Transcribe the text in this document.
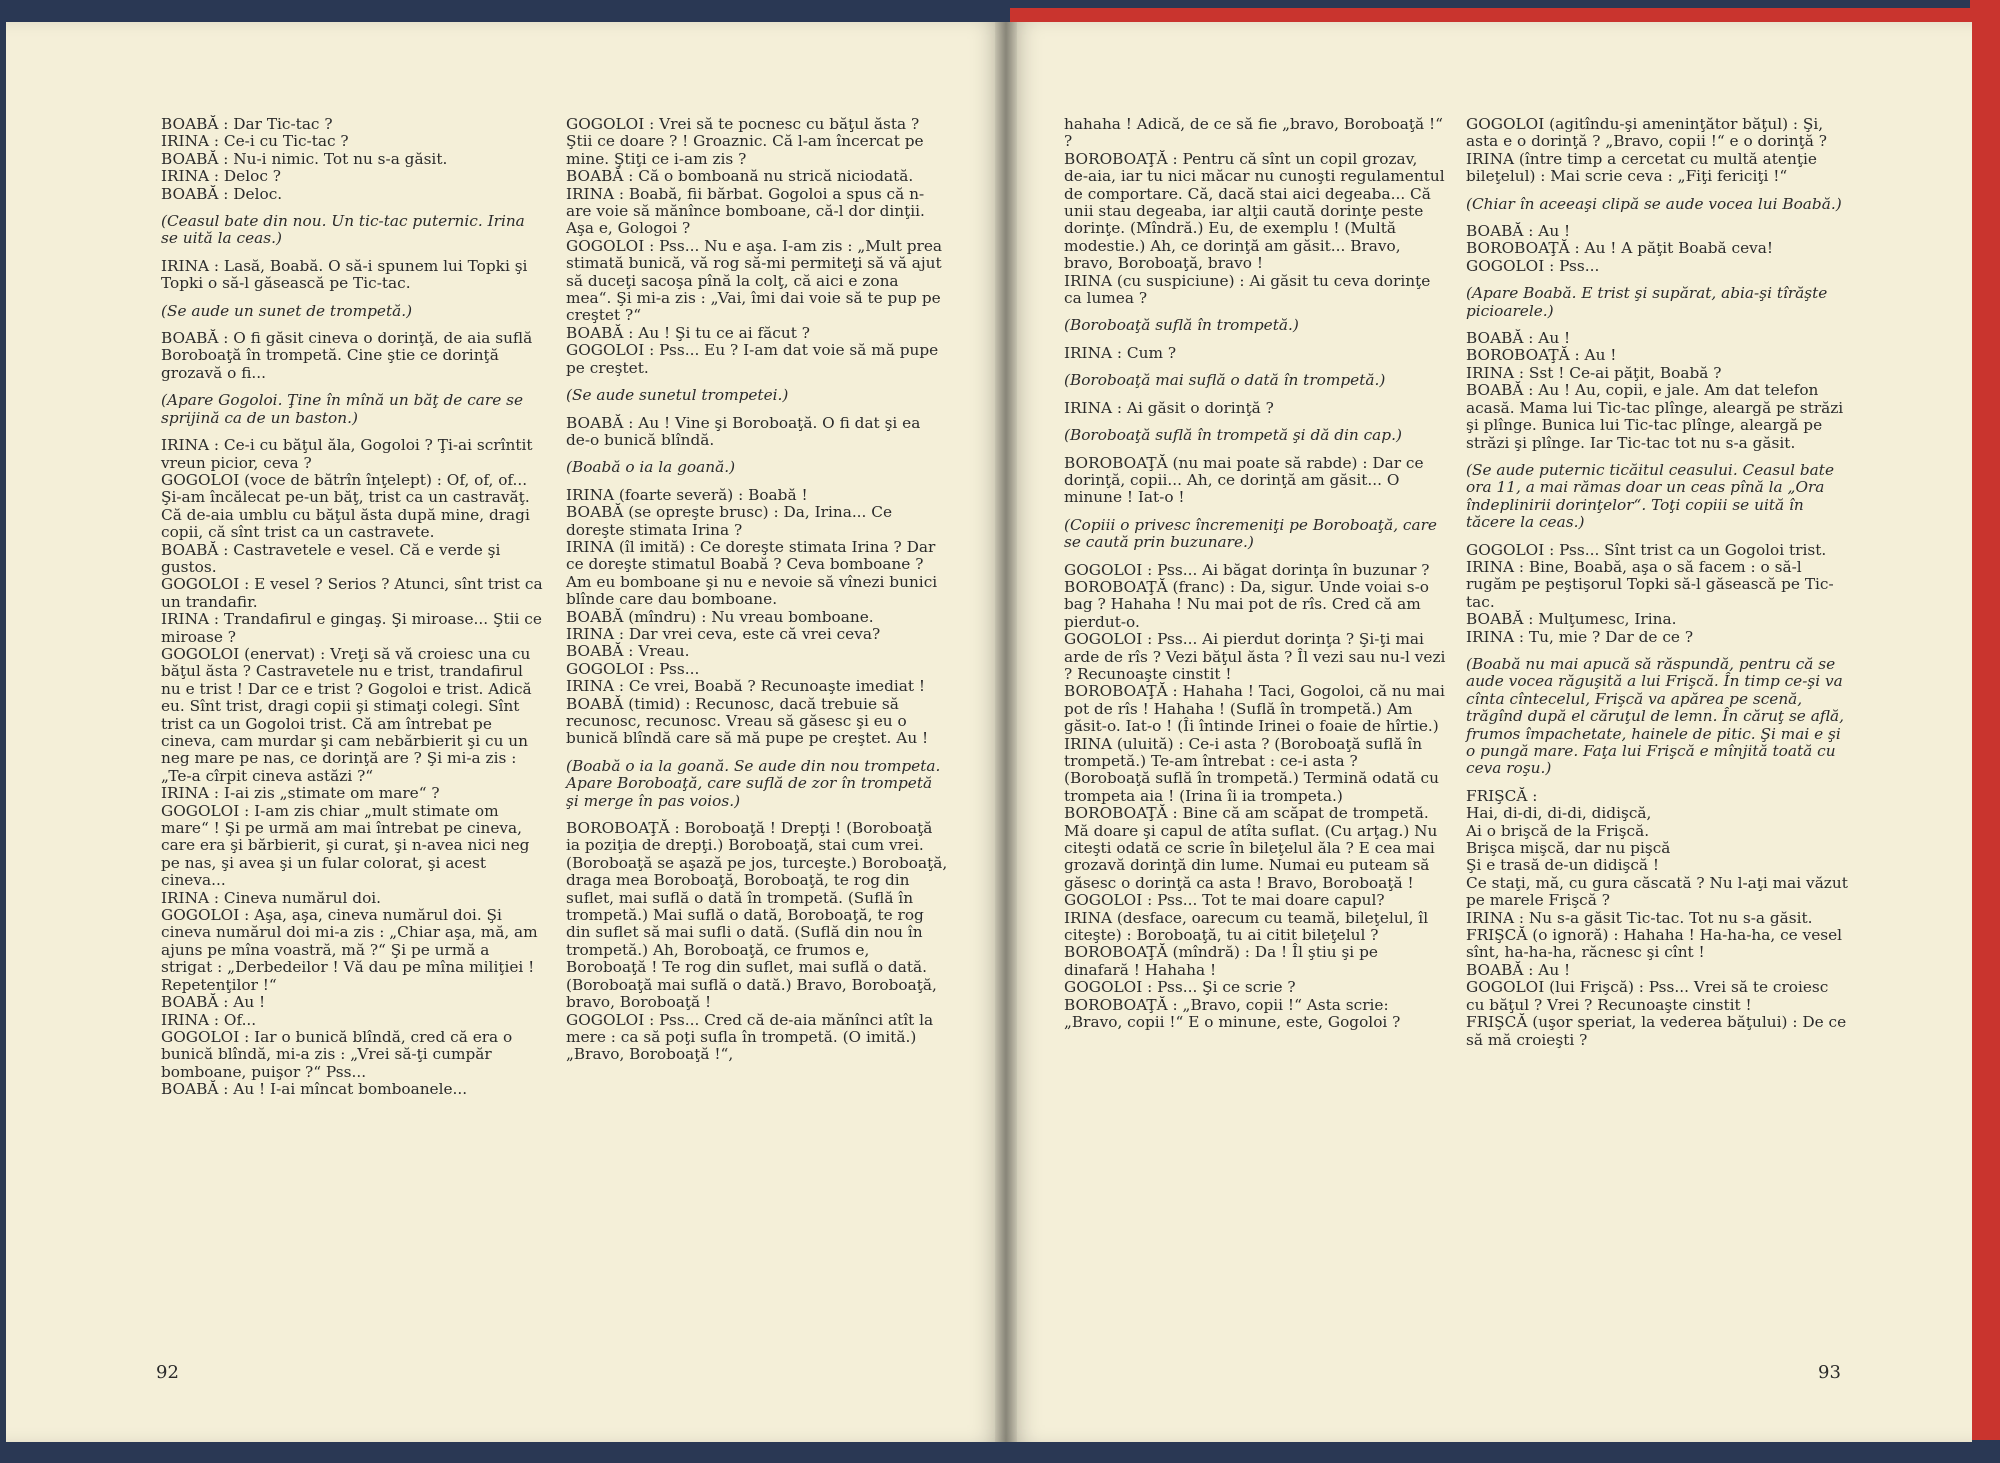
BOABĂ : Dar Tic-tac ?

IRINA : Ce-i cu Tic-tac ?

BOABĂ : Nu-i nimic. Tot nu s-a găsit.

IRINA : Deloc ?

BOABĂ : Deloc.

(Ceasul bate din nou. Un tic-tac puternic. Irina se uită la ceas.)

IRINA : Lasă, Boabă. O să-i spunem lui Topki şi Topki o să-l găsească pe Tic-tac.

(Se aude un sunet de trompetă.)

BOABĂ : O fi găsit cineva o dorinţă, de aia suflă Boroboaţă în trompetă. Cine ştie ce dorinţă grozavă o fi...

(Apare Gogoloi. Ţine în mînă un băţ de care se sprijină ca de un baston.)

IRINA : Ce-i cu băţul ăla, Gogoloi ? Ţi-ai scrîntit vreun picior, ceva ?

GOGOLOI (voce de bătrîn înţelept) : Of, of, of... Şi-am încălecat pe-un băţ, trist ca un castravăţ. Că de-aia umblu cu băţul ăsta după mine, dragi copii, că sînt trist ca un castravete.

BOABĂ : Castravetele e vesel. Că e verde şi gustos.

GOGOLOI : E vesel ? Serios ? Atunci, sînt trist ca un trandafir.

IRINA : Trandafirul e gingaş. Şi miroase... Ştii ce miroase ?

GOGOLOI (enervat) : Vreţi să vă croiesc una cu băţul ăsta ? Castravetele nu e trist, trandafirul nu e trist ! Dar ce e trist ? Gogoloi e trist. Adică eu. Sînt trist, dragi copii şi stimaţi colegi. Sînt trist ca un Gogoloi trist. Că am întrebat pe cineva, cam murdar şi cam nebărbierit şi cu un neg mare pe nas, ce dorinţă are ? Şi mi-a zis : „Te-a cîrpit cineva astăzi ?“

IRINA : I-ai zis „stimate om mare“ ?

GOGOLOI : I-am zis chiar „mult stimate om mare“ ! Şi pe urmă am mai întrebat pe cineva, care era şi bărbierit, şi curat, şi n-avea nici neg pe nas, şi avea şi un fular colorat, şi acest cineva...

IRINA : Cineva numărul doi.

GOGOLOI : Aşa, aşa, cineva numărul doi. Şi cineva numărul doi mi-a zis : „Chiar aşa, mă, am ajuns pe mîna voastră, mă ?“ Şi pe urmă a strigat : „Derbedeilor ! Vă dau pe mîna miliţiei ! Repetenţilor !“

BOABĂ : Au !

IRINA : Of...

GOGOLOI : Iar o bunică blîndă, cred că era o bunică blîndă, mi-a zis : „Vrei să-ţi cumpăr bomboane, puişor ?“ Pss...

BOABĂ : Au ! I-ai mîncat bomboanele...

GOGOLOI : Vrei să te pocnesc cu băţul ăsta ? Ştii ce doare ? ! Groaznic. Că l-am încercat pe mine. Ştiţi ce i-am zis ?

BOABĂ : Că o bomboană nu strică niciodată.

IRINA : Boabă, fii bărbat. Gogoloi a spus că n-are voie să mănînce bomboane, că-l dor dinţii. Aşa e, Gologoi ?

GOGOLOI : Pss... Nu e aşa. I-am zis : „Mult prea stimată bunică, vă rog să-mi permiteţi să vă ajut să duceţi sacoşa pînă la colţ, că aici e zona mea“. Şi mi-a zis : „Vai, îmi dai voie să te pup pe creştet ?“

BOABĂ : Au ! Şi tu ce ai făcut ?

GOGOLOI : Pss... Eu ? I-am dat voie să mă pupe pe creştet.

(Se aude sunetul trompetei.)

BOABĂ : Au ! Vine şi Boroboaţă. O fi dat şi ea de-o bunică blîndă.

(Boabă o ia la goană.)

IRINA (foarte severă) : Boabă !

BOABĂ (se opreşte brusc) : Da, Irina... Ce doreşte stimata Irina ?

IRINA (îl imită) : Ce doreşte stimata Irina ? Dar ce doreşte stimatul Boabă ? Ceva bomboane ? Am eu bomboane şi nu e nevoie să vînezi bunici blînde care dau bomboane.

BOABĂ (mîndru) : Nu vreau bomboane.

IRINA : Dar vrei ceva, este că vrei ceva?

BOABĂ : Vreau.

GOGOLOI : Pss...

IRINA : Ce vrei, Boabă ? Recunoaşte imediat !

BOABĂ (timid) : Recunosc, dacă trebuie să recunosc, recunosc. Vreau să găsesc şi eu o bunică blîndă care să mă pupe pe creştet. Au !

(Boabă o ia la goană. Se aude din nou trompeta. Apare Boroboaţă, care suflă de zor în trompetă şi merge în pas voios.)

BOROBOAŢĂ : Boroboaţă ! Drepţi ! (Boroboaţă ia poziţia de drepţi.) Boroboaţă, stai cum vrei. (Boroboaţă se aşază pe jos, turceşte.) Boroboaţă, draga mea Boroboaţă, Boroboaţă, te rog din suflet, mai suflă o dată în trompetă. (Suflă în trompetă.) Mai suflă o dată, Boroboaţă, te rog din suflet să mai sufli o dată. (Suflă din nou în trompetă.) Ah, Boroboaţă, ce frumos e, Boroboaţă ! Te rog din suflet, mai suflă o dată. (Boroboaţă mai suflă o dată.) Bravo, Boroboaţă, bravo, Boroboaţă !

GOGOLOI : Pss... Cred că de-aia mănînci atît la mere : ca să poţi sufla în trompetă. (O imită.) „Bravo, Boroboaţă !“,

92

hahaha ! Adică, de ce să fie „bravo, Boroboaţă !“ ?

BOROBOAŢĂ : Pentru că sînt un copil grozav, de-aia, iar tu nici măcar nu cunoşti regulamentul de comportare. Că, dacă stai aici degeaba... Că unii stau degeaba, iar alţii caută dorinţe peste dorinţe. (Mîndră.) Eu, de exemplu ! (Multă modestie.) Ah, ce dorinţă am găsit... Bravo, bravo, Boroboaţă, bravo !

IRINA (cu suspiciune) : Ai găsit tu ceva dorinţe ca lumea ?

(Boroboaţă suflă în trompetă.)

IRINA : Cum ?

(Boroboaţă mai suflă o dată în trompetă.)

IRINA : Ai găsit o dorinţă ?

(Boroboaţă suflă în trompetă şi dă din cap.)

BOROBOAŢĂ (nu mai poate să rabde) : Dar ce dorinţă, copii... Ah, ce dorinţă am găsit... O minune ! Iat-o !

(Copiii o privesc încremeniţi pe Boroboaţă, care se caută prin buzunare.)

GOGOLOI : Pss... Ai băgat dorinţa în buzunar ?

BOROBOAŢĂ (franc) : Da, sigur. Unde voiai s-o bag ? Hahaha ! Nu mai pot de rîs. Cred că am pierdut-o.

GOGOLOI : Pss... Ai pierdut dorinţa ? Şi-ţi mai arde de rîs ? Vezi băţul ăsta ? Îl vezi sau nu-l vezi ? Recunoaşte cinstit !

BOROBOAŢĂ : Hahaha ! Taci, Gogoloi, că nu mai pot de rîs ! Hahaha ! (Suflă în trompetă.) Am găsit-o. Iat-o ! (Îi întinde Irinei o foaie de hîrtie.)

IRINA (uluită) : Ce-i asta ? (Boroboaţă suflă în trompetă.) Te-am întrebat : ce-i asta ? (Boroboaţă suflă în trompetă.) Termină odată cu trompeta aia ! (Irina îi ia trompeta.)

BOROBOAŢĂ : Bine că am scăpat de trompetă. Mă doare şi capul de atîta suflat. (Cu arţag.) Nu citeşti odată ce scrie în bileţelul ăla ? E cea mai grozavă dorinţă din lume. Numai eu puteam să găsesc o dorinţă ca asta ! Bravo, Boroboaţă !

GOGOLOI : Pss... Tot te mai doare capul?

IRINA (desface, oarecum cu teamă, bileţelul, îl citeşte) : Boroboaţă, tu ai citit bileţelul ?

BOROBOAŢĂ (mîndră) : Da ! Îl ştiu şi pe dinafară ! Hahaha !

GOGOLOI : Pss... Şi ce scrie ?

BOROBOAŢĂ : „Bravo, copii !“ Asta scrie: „Bravo, copii !“ E o minune, este, Gogoloi ?

GOGOLOI (agitîndu-şi ameninţător băţul) : Şi, asta e o dorinţă ? „Bravo, copii !“ e o dorinţă ?

IRINA (între timp a cercetat cu multă atenţie bileţelul) : Mai scrie ceva : „Fiţi fericiţi !“

(Chiar în aceeaşi clipă se aude vocea lui Boabă.)

BOABĂ : Au !

BOROBOAŢĂ : Au ! A păţit Boabă ceva!

GOGOLOI : Pss...

(Apare Boabă. E trist şi supărat, abia-şi tîrăşte picioarele.)

BOABĂ : Au !

BOROBOAŢĂ : Au !

IRINA : Sst ! Ce-ai păţit, Boabă ?

BOABĂ : Au ! Au, copii, e jale. Am dat telefon acasă. Mama lui Tic-tac plînge, aleargă pe străzi şi plînge. Bunica lui Tic-tac plînge, aleargă pe străzi şi plînge. Iar Tic-tac tot nu s-a găsit.

(Se aude puternic ticăitul ceasului. Ceasul bate ora 11, a mai rămas doar un ceas pînă la „Ora îndeplinirii dorinţelor“. Toţi copiii se uită în tăcere la ceas.)

GOGOLOI : Pss... Sînt trist ca un Gogoloi trist.

IRINA : Bine, Boabă, aşa o să facem : o să-l rugăm pe peştişorul Topki să-l găsească pe Tic-tac.

BOABĂ : Mulţumesc, Irina.

IRINA : Tu, mie ? Dar de ce ?

(Boabă nu mai apucă să răspundă, pentru că se aude vocea răguşită a lui Frişcă. În timp ce-şi va cînta cîntecelul, Frişcă va apărea pe scenă, trăgînd după el căruţul de lemn. În căruţ se află, frumos împachetate, hainele de pitic. Şi mai e şi o pungă mare. Faţa lui Frişcă e mînjită toată cu ceva roşu.)

FRIŞCĂ :

Hai, di-di, di-di, didişcă,

Ai o brişcă de la Frişcă.

Brişca mişcă, dar nu pişcă

Şi e trasă de-un didişcă !

Ce staţi, mă, cu gura căscată ? Nu l-aţi mai văzut pe marele Frişcă ?

IRINA : Nu s-a găsit Tic-tac. Tot nu s-a găsit.

FRIŞCĂ (o ignoră) : Hahaha ! Ha-ha-ha, ce vesel sînt, ha-ha-ha, răcnesc şi cînt !

BOABĂ : Au !

GOGOLOI (lui Frişcă) : Pss... Vrei să te croiesc cu băţul ? Vrei ? Recunoaşte cinstit !

FRIŞCĂ (uşor speriat, la vederea băţului) : De ce să mă croieşti ?

93
